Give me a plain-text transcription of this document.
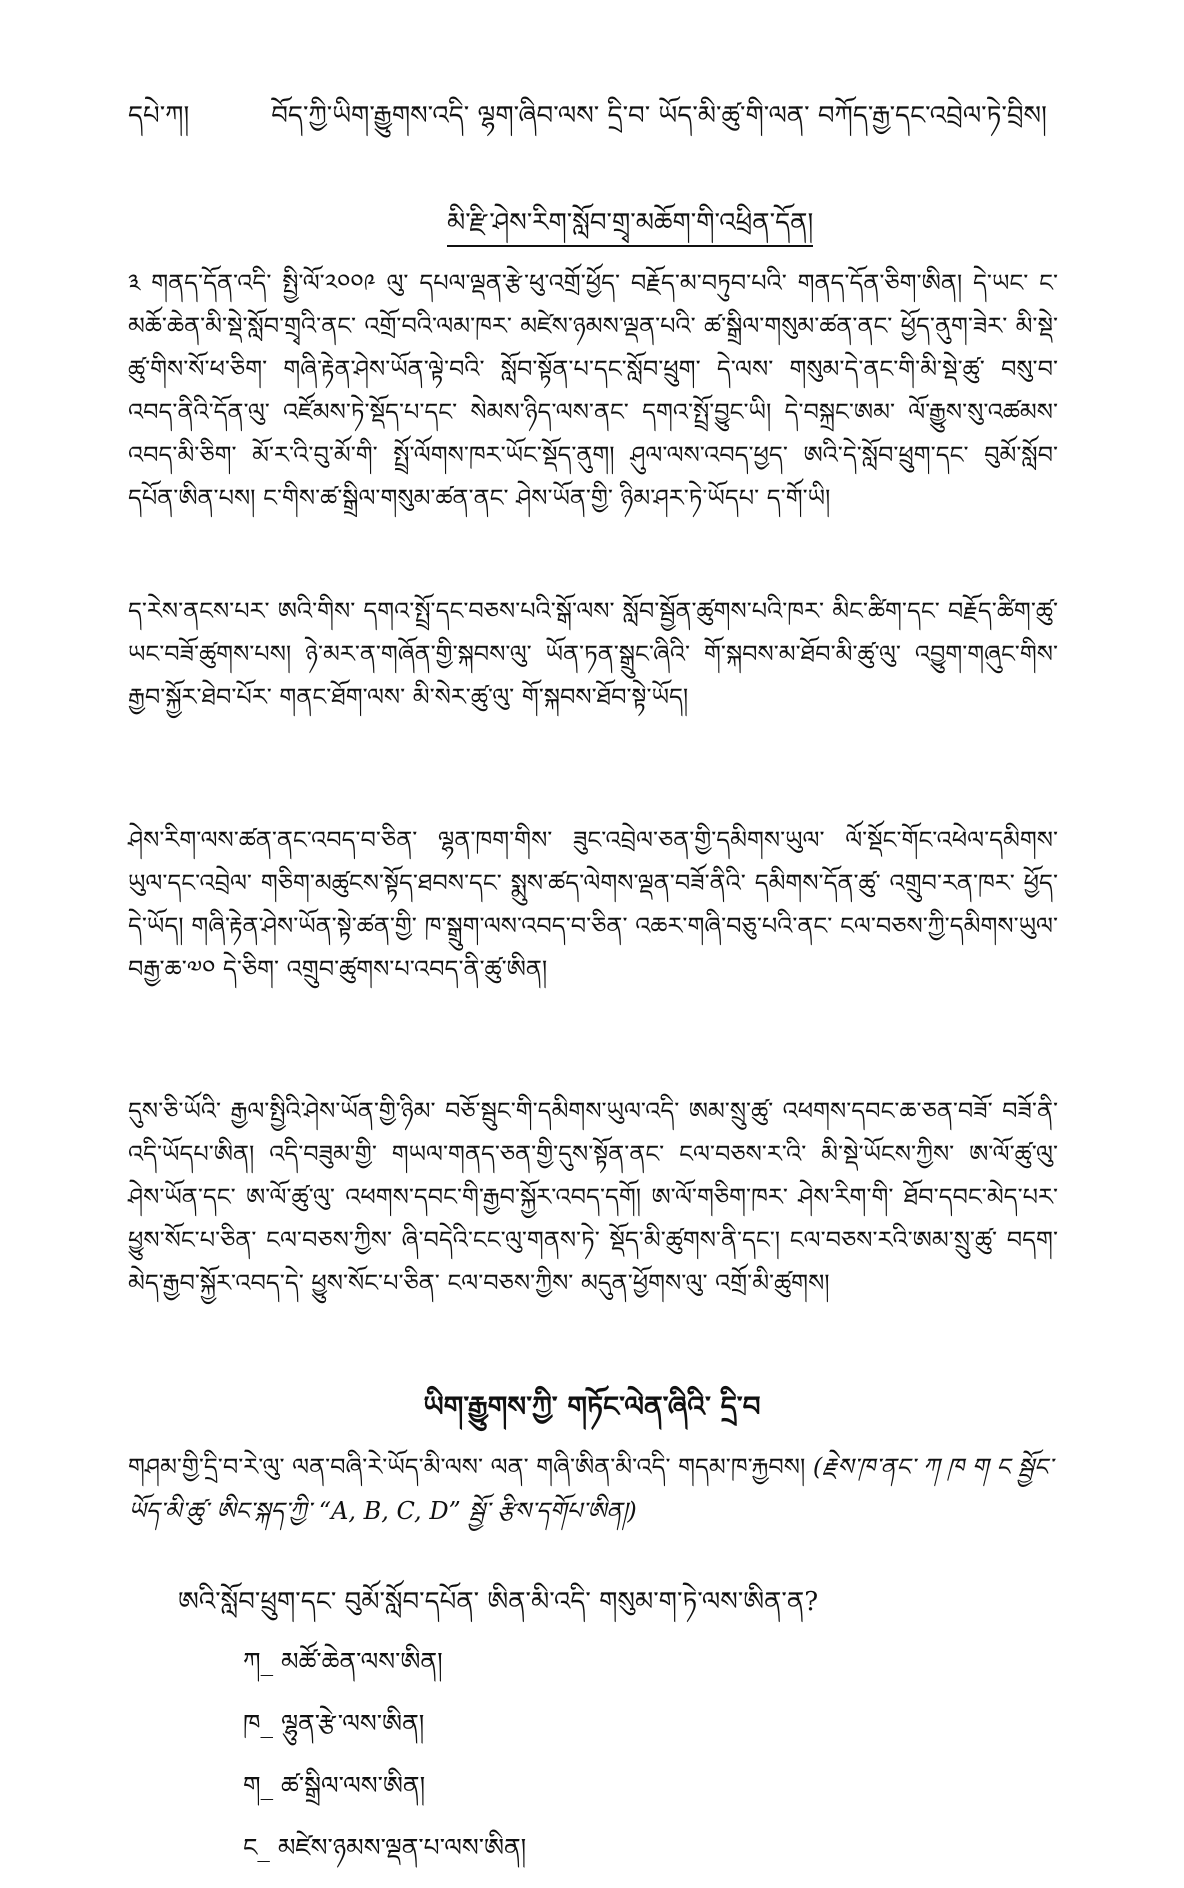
དཔེ་ཀ།	བོད་ཀྱི་ཡིག་རྒྱུགས་འདི་ ལྷག་ཞིབ་ལས་ དྲི་བ་ ཡོད་མི་ཚུ་གི་ལན་ བཀོད་རྒྱ་དང་འབྲེལ་ཏེ་བྲིས།
མི་རྫི་ཤེས་རིག་སློབ་གྲྭ་མཆོག་གི་འཕྲིན་དོན།

༣ གནད་དོན་འདི་ སྤྱི་ལོ་༢༠༠༩ ལུ་ དཔལ་ལྡན་རྩེ་ཕུ་འགྲོ་ཕྱོད་ བརྗོད་མ་བཏུབ་པའི་ གནད་དོན་ཅིག་ཨིན། དེ་ཡང་ ང་མཆོ་ཆེན་མི་སྡེ་སློབ་གྲྭའི་ནང་ འགྲོ་བའི་ལམ་ཁར་ མཛེས་ཉམས་ལྡན་པའི་ ཚ་སྒྲིལ་གསུམ་ཚན་ནང་ ཕྱོད་ནུག་ཟེར་ མི་སྡེ་ཚུ་གིས་སོ་ཕ་ཅིག་ གཞི་རྟེན་ཤེས་ཡོན་ལྟེ་བའི་ སློབ་སྟོན་པ་དང་སློབ་ཕྲུག་ དེ་ལས་ གསུམ་དེ་ནང་གི་མི་སྡེ་ཚུ་ བསུ་བ་འབད་ནིའི་དོན་ལུ་ འཛོམས་ཏེ་སྡོད་པ་དང་ སེམས་ཉིད་ལས་ནང་ དགའ་སྤྲོ་བྱུང་ཡི། དེ་བསྐྲང་ཨམ་ ལོ་རྒྱུས་སུ་འཚམས་འབད་མི་ཅིག་ མོ་ར་འི་བུ་མོ་གི་ སྤྲོ་ལོགས་ཁར་ཡོང་སྡོད་ནུག། ཤུལ་ལས་འབད་ཕྱད་ ཨའི་དེ་སློབ་ཕྲུག་དང་ བུམོ་སློབ་དཔོན་ཨིན་པས། ང་གིས་ཚ་སྒྲིལ་གསུམ་ཚན་ནང་ ཤེས་ཡོན་གྱི་ ཉིམ་ཤར་ཏེ་ཡོདཔ་ ད་གོ་ཡི།

ད་རེས་ནངས་པར་ ཨའི་གིས་ དགའ་སྤྲོ་དང་བཅས་པའི་སྒོ་ལས་ སློབ་སྦྱོན་ཚུགས་པའི་ཁར་ མིང་ཚིག་དང་ བརྗོད་ཚིག་ཚུ་ཡང་བཟོ་ཚུགས་པས། ཉེ་མར་ན་གཞོན་གྱི་སྐབས་ལུ་ ཡོན་ཏན་སྒྲུང་ཞིའི་ གོ་སྐབས་མ་ཐོབ་མི་ཚུ་ལུ་ འབྱུག་གཞུང་གིས་ རྒྱབ་སྐྱོར་ཐེབ་པོར་ གནང་ཐོག་ལས་ མི་སེར་ཚུ་ལུ་ གོ་སྐབས་ཐོབ་སྟེ་ཡོད།

ཤེས་རིག་ལས་ཚན་ནང་འབད་བ་ཅིན་ ལྷན་ཁག་གིས་ ཟུང་འབྲེལ་ཅན་གྱི་དམིགས་ཡུལ་ ལོ་སྡོང་གོང་འཕེལ་དམིགས་ཡུལ་དང་འབྲེལ་ གཅིག་མཚུངས་སྟོད་ཐབས་དང་ སྨུས་ཚད་ལེགས་ལྡན་བཟོ་ནིའི་ དམིགས་དོན་ཚུ་ འགྲུབ་རན་ཁར་ ཕྱོད་དེ་ཡོད། གཞི་རྟེན་ཤེས་ཡོན་སྟེ་ཚན་གྱི་ ཁ་སྒྲུག་ལས་འབད་བ་ཅིན་ འཆར་གཞི་བཅུ་པའི་ནང་ ངལ་བཅས་ཀྱི་དམིགས་ཡུལ་ བརྒྱ་ཆ་༧༠ དེ་ཅིག་ འགྲུབ་ཚུགས་པ་འབད་ནི་ཚུ་ཨིན།

དུས་ཅི་ཡོའི་ རྒྱལ་སྤྱིའི་ཤེས་ཡོན་གྱི་ཉིམ་ བཅོ་སྦུང་གི་དམིགས་ཡུལ་འདི་ ཨམ་སྲུ་ཚུ་ འཕགས་དབང་ཆ་ཅན་བཟོ་ བཟོ་ནི་འདི་ཡོདཔ་ཨིན། འདི་བཟུམ་གྱི་ གཡལ་གནད་ཅན་གྱི་དུས་སྟོན་ནང་ ངལ་བཅས་ར་འི་ མི་སྡེ་ཡོངས་ཀྱིས་ ཨ་ལོ་ཚུ་ལུ་ ཤེས་ཡོན་དང་ ཨ་ལོ་ཚུ་ལུ་ འཕགས་དབང་གི་རྒྱབ་སྐྱོར་འབད་དགོ། ཨ་ལོ་གཅིག་ཁར་ ཤེས་རིག་གི་ ཐོབ་དབང་མེད་པར་ ཕྱུས་སོང་པ་ཅིན་ ངལ་བཅས་ཀྱིས་ ཞི་བདེའི་ངང་ལུ་གནས་ཏེ་ སྡོད་མི་ཚུགས་ནི་དང་། ངལ་བཅས་རའི་ཨམ་སྲུ་ཚུ་ བདག་མེད་རྒྱབ་སྐྱོར་འབད་དེ་ ཕྱུས་སོང་པ་ཅིན་ ངལ་བཅས་ཀྱིས་ མདུན་ཕྱོགས་ལུ་ འགྲོ་མི་ཚུགས།

ཡིག་རྒྱུགས་ཀྱི་ གཏོང་ལེན་ཞིའི་ དྲི་བ
གཤམ་གྱི་དྲི་བ་རེ་ལུ་ ལན་བཞི་རེ་ཡོད་མི་ལས་ ལན་ གཞི་ཨིན་མི་འདི་ གདམ་ཁ་རྐྱབས། (རྗེས་ཁ་ནང་ ཀ ཁ ག ང སྦྱོང་ཡོད་མི་ཚུ་ ཨིང་སྐད་ཀྱི་ “A, B, C, D” སྦྱོ་ རྩིས་དགོཔ་ཨིན།)
ཨའི་སློབ་ཕྲུག་དང་ བུམོ་སློབ་དཔོན་ ཨིན་མི་འདི་ གསུམ་ག་ཏེ་ལས་ཨིན་ན?
ཀ_ མཚོ་ཆེན་ལས་ཨིན།
ཁ_ ལྷུན་རྩེ་ལས་ཨིན།
ག_ ཚ་སྒྲིལ་ལས་ཨིན།
ང_ མཛེས་ཉམས་ལྡན་པ་ལས་ཨིན།
